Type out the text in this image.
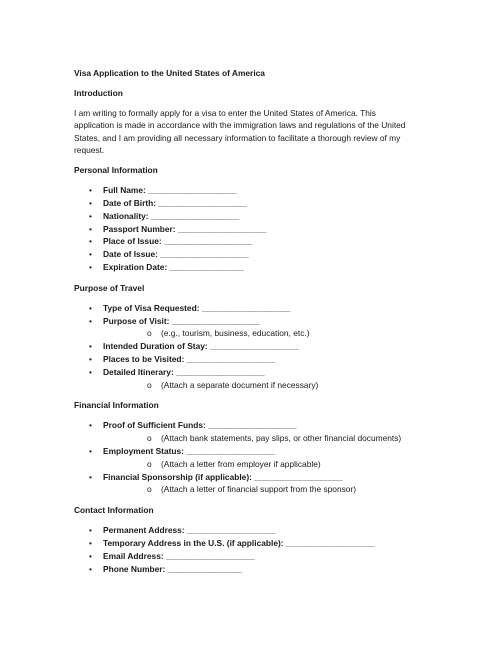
Visa Application to the United States of America
Introduction
I am writing to formally apply for a visa to enter the United States of America. This application is made in accordance with the immigration laws and regulations of the United States, and I am providing all necessary information to facilitate a thorough review of my request.
Personal Information
• Full Name: ___________________
• Date of Birth: ___________________
• Nationality: ___________________
• Passport Number: ___________________
• Place of Issue: ___________________
• Date of Issue: ___________________
• Expiration Date: ________________
Purpose of Travel
• Type of Visa Requested: ___________________
• Purpose of Visit: ___________________
o (e.g., tourism, business, education, etc.)
• Intended Duration of Stay: ___________________
• Places to be Visited: ___________________
• Detailed Itinerary: ___________________
o (Attach a separate document if necessary)
Financial Information
• Proof of Sufficient Funds: ___________________
o (Attach bank statements, pay slips, or other financial documents)
• Employment Status: ___________________
o (Attach a letter from employer if applicable)
• Financial Sponsorship (if applicable): ___________________
o (Attach a letter of financial support from the sponsor)
Contact Information
• Permanent Address: ___________________
• Temporary Address in the U.S. (if applicable): ___________________
• Email Address: ___________________
• Phone Number: ________________
